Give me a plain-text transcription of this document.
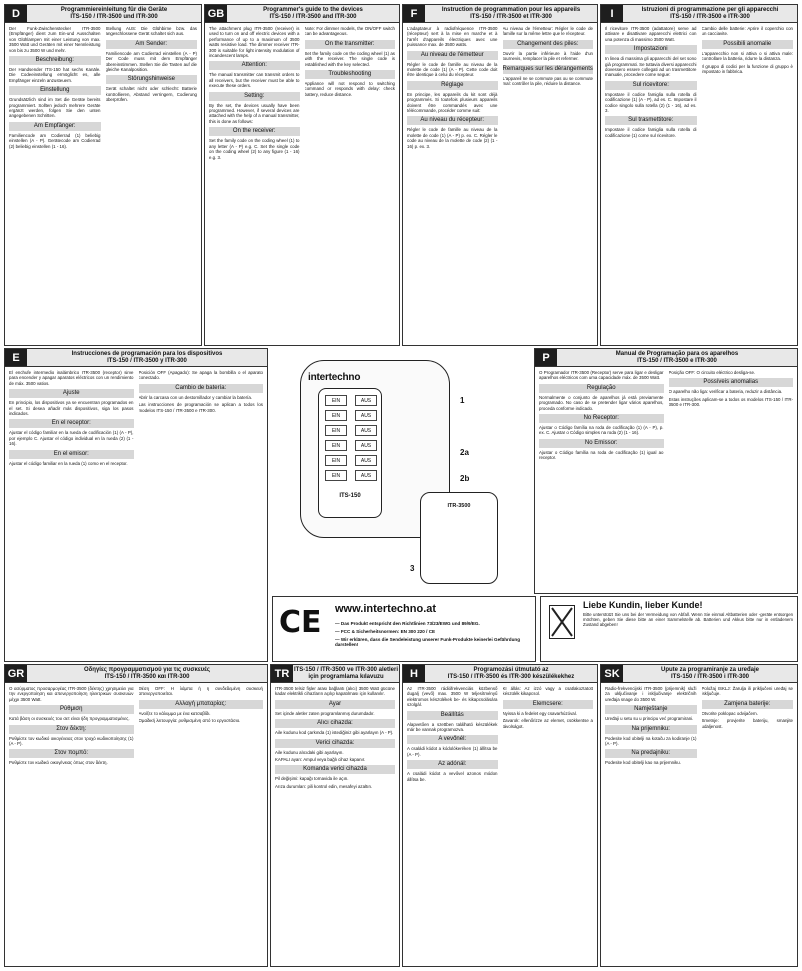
D	Programmiereinleitung für die Geräte
ITS-150 / ITR-3500 und ITR-300

Der Funk-Zwischenstecker ITR-3500 (Empfänger) dient zum Ein-und Ausschalten von Glühlampen mit einer Leistung von max. 3500 Watt und Geräten mit einer Nennleistung von bis zu 3500 W und mehr.

Beschreibung:

Der Handsender ITS-150 hat sechs Kanäle. Die Codeeinstellung ermöglicht es, alle Empfänger einzeln anzusteuern.

Einstellung

Grundsätzlich sind im Set die Geräte bereits programmiert. Sollten jedoch mehrere Geräte ergänzt werden, folgen Sie den unten angegebenen Schritten.

Am Empfänger:

Familiencode am Codierrad (1) beliebig einstellen (A - P). Gerätecode am Codierrad (2) beliebig einstellen (1 - 16).

Stellung AUS: Die Glühbirne bzw. das angeschlossene Gerät schaltet sich aus.

Am Sender:

Familiencode am Codierrad einstellen (A - P) Der Code muss mit dem Empfänger übereinstimmen. Stellen Sie die Tasten auf die gleiche Kanalposition.

Störungshinweise

Gerät schaltet nicht oder schlecht: Batterie kontrollieren, Abstand verringern, Codierung überprüfen.

GB	Programmer's guide to the devices
ITS-150 / ITR-3500 and ITR-300

The attachment plug ITR-3500 (receiver) is used to turn on and off electric devices with a performance of up to a maximum of 3500 watts resistive load. The dimmer receiver ITR-300 is suitable for light intensity modulation of incandescent lamps.

Attention:

The manual transmitter can transmit orders to all receivers, but the receiver must be able to execute these orders.

Setting:

By the set, the devices usually have been programmed. However, if several devices are attached with the help of a manual transmitter, this is done as follows:

On the receiver:

Set the family code on the coding wheel (1) to any letter (A - P) e.g. C. Set the single code on the coding wheel (2) to any figure (1 - 16) e.g. 3.

Note: For dimmer models, the ON/OFF switch can be advantageous.

On the transmitter:

Set the family code on the coding wheel (1) as with the receiver. The single code is established with the key selected.

Troubleshooting

Appliance will not respond to switching command or responds with delay: check battery, reduce distance.

F	Instruction de programmation pour les appareils
ITS-150 / ITR-3500 et ITR-300

L'adaptateur à radiofréquence ITR-3500 (récepteur) sert à la mise en marche et à l'arrêt d'appareils électriques avec une puissance max. de 3500 watts.

Au niveau de l'émetteur

Régler le code de famille au niveau de la molette de code (1) (A - P). Cette code doit être identique à celui du récepteur.

Réglage

En principe, les appareils du kit sont déjà programmés. Si toutefois plusieurs appareils doivent être commandés avec une télécommande, procéder comme suit:

Au niveau du récepteur:

Régler le code de famille au niveau de la molette de code (1) (A - P) p. ex. C. Régler le code au niveau de la molette de code (2) (1 - 16) p. ex. 3.

Au niveau de l'émetteur: Régler le code de famille sur la même lettre que le récepteur.

Changement des piles:

Ouvrir la partie inférieure à l'aide d'un tournevis, remplacer la pile et refermer.

Remarques sur les dérangements

L'appareil ne se commute pas ou se commute mal: contrôler la pile, réduire la distance.

I	Istruzioni di programmazione per gli apparecchi
ITS-150 / ITR-3500 e ITR-300

Il ricevitore ITR-3500 (adattatore) serve ad attivare e disattivare apparecchi elettrici con una potenza di massimo 3500 Watt.

Impostazioni

In linea di massima gli apparecchi del set sono già programmati. Se tuttavia diversi apparecchi dovessero essere collegati ad un trasmettitore manuale, procedere come segue:

Sul ricevitore:

Impostare il codice famiglia sulla rotella di codificazione (1) (A - P), ad es. C. Impostare il codice singolo sulla rotella (2) (1 - 16), ad es. 3.

Sul trasmettitore:

Impostare il codice famiglia sulla rotella di codificazione (1) come sul ricevitore.

Cambio delle batterie: Aprire il coperchio con un cacciavite.

Possibili anomalie

L'apparecchio non si attiva o si attiva male: controllare la batteria, ridurre la distanza.

Il gruppo di codici per la funzione di gruppo è impostato in fabbrica.

E	Instrucciones de programación para los dispositivos
ITS-150 / ITR-3500 y ITR-300

El enchufe intermedio inalámbrico ITR-3500 (receptor) sirve para encender y apagar aparatos eléctricos con un rendimiento de máx. 3500 vatios.

Ajuste

En principio, los dispositivos ya se encuentran programados en el set. Si desea añadir más dispositivos, siga los pasos indicados.

En el receptor:

Ajustar el código familiar en la rueda de codificación (1) (A - P), por ejemplo C. Ajustar el código individual en la rueda (2) (1 - 16).

En el emisor:

Ajustar el código familiar en la rueda (1) como en el receptor.

Posición OFF (Apagado): Se apaga la bombilla o el aparato conectado.

Cambio de batería:

Abrir la carcasa con un destornillador y cambiar la batería.

Las instrucciones de programación se aplican a todos los modelos ITS-150 / ITR-3500 e ITR-300.

intertechno
EIN	AUS
EIN	AUS
EIN	AUS
EIN	AUS
EIN	AUS
EIN	AUS
ITS-150
1
2a
2b
ITR-3500
3
P	Manual de Programação para os aparelhos
ITS-150 / ITR-3500 e ITR-300

O Programador ITR-3500 (Receptor) serve para ligar e desligar aparelhos eléctricos com uma capacidade máx. de 3500 Watt.

Regulação

Normalmente o conjunto de aparelhos já está previamente programado. No caso de se pretender ligar vários aparelhos, proceda conforme indicado.

No Receptor:

Ajustar o Código família na roda de codificação (1) (A - P), p. ex. C. Ajustar o Código simples na roda (2) (1 - 16).

No Emissor:

Ajustar o Código família na roda de codificação (1) igual ao receptor.

Posição OFF: O circuito eléctrico desliga-se.

Possíveis anomalias

O aparelho não liga: verificar a bateria, reduzir a distância.

Estas instruções aplicam-se a todos os modelos ITS-150 / ITR-3500 e ITR-300.

CE www.intertechno.at
— Das Produkt entspricht den Richtlinien 73/23/EWG und 89/9/EG.
— FCC & Sicherheitsnormen: EN 300 220 / CE
— Wir erklären, dass die Sendeleistung unserer Funk-Produkte keinerlei Gefährdung darstellen!
Liebe Kundin, lieber Kunde!
Bitte unterstützt Sie uns bei der Vermeidung von Abfall. Wenn Sie einmal Altbatterien oder -geräte entsorgen möchten, geben Sie diese bitte an einer Sammelstelle ab. Batterien und Akkus bitte nur in entladenem Zustand abgeben!
GR	Οδηγίες προγραμματισμού για τις συσκευές
ITS-150 / ITR-3500 και ITR-300

Ο ασύρματος προσαρμογέας ITR-3500 (δέκτης) χρησιμεύει για την ενεργοποίηση και απενεργοποίηση ηλεκτρικών συσκευών μέχρι 3500 Watt.

Ρύθμιση

Κατά βάση οι συσκευές του σετ είναι ήδη προγραμματισμένες.

Στον δέκτη:

Ρυθμίστε τον κωδικό οικογένειας στον τροχό κωδικοποίησης (1) (A - P).

Στον πομπό:

Ρυθμίστε τον κωδικό οικογένειας όπως στον δέκτη.

Θέση OFF: Η λάμπα ή η συνδεδεμένη συσκευή απενεργοποιείται.

Αλλαγή μπαταρίας:

Ανοίξτε το κάλυμμα με ένα κατσαβίδι.

Ομαδική λειτουργία: ρυθμισμένη από το εργοστάσιο.

TR ITS-150 / ITR-3500 ve ITR-300 aletleri
için programlama kılavuzu

ITR-3500 telsiz fişler arası bağlantı (alıcı) 3500 Watt gücüne kadar elektrikli cihazların açılıp kapatılması için kullanılır.

Ayar

Set içinde aletler zaten programlanmış durumdadır.

Alıcı cihazda:

Aile kodunu kod çarkında (1) istediğiniz gibi ayarlayın (A - P).

Verici cihazda:

Aile kodunu alıcıdaki gibi ayarlayın.

KAPALI ayarı: Ampul veya bağlı cihaz kapanır.

Komanda verici cihazda

Pil değişimi: kapağı tornavida ile açın.

Arıza durumları: pili kontrol edin, mesafeyi azaltın.

H	Programozási útmutató az
ITS-150 / ITR-3500 és ITR-300 készülékekhez

Az ITR-3500 rádiófrekvenciás közbenső dugalj (vevő) max. 3500 W teljesítményű elektromos készülékek be- és kikapcsolására szolgál.

Beállítás

Alapvetően a szettben található készülékek már be vannak programozva.

A vevőnél:

A családi kódot a kódolókeréken (1) állítsa be (A - P).

Az adónál:

A családi kódot a vevővel azonos módon állítsa be.

KI állás: Az izzó vagy a csatlakoztatott készülék kikapcsol.

Elemcsere:

Nyissa ki a fedelet egy csavarhúzóval.

Zavarok: ellenőrizze az elemet, csökkentse a távolságot.

SK	Upute za programiranje za uređaje
ITS-150 / ITR-3500 i ITR-300

Radio-frekvencijski ITR-3500 (prijemnik) služi za uključivanje i isključivanje električnih uređaja snage do 3500 W.

Namještanje

Uređaji u setu su u principu već programirani.

Na prijemniku:

Podesite kod obitelji na kotaču za kodiranje (1) (A - P).

Na predajniku:

Podesite kod obitelji kao na prijemniku.

Položaj ISKLJ: Žarulja ili priključeni uređaj se isključuje.

Zamjena baterije:

Otvorite poklopac odvijačem.

Smetnje: provjerite bateriju, smanjite udaljenost.
